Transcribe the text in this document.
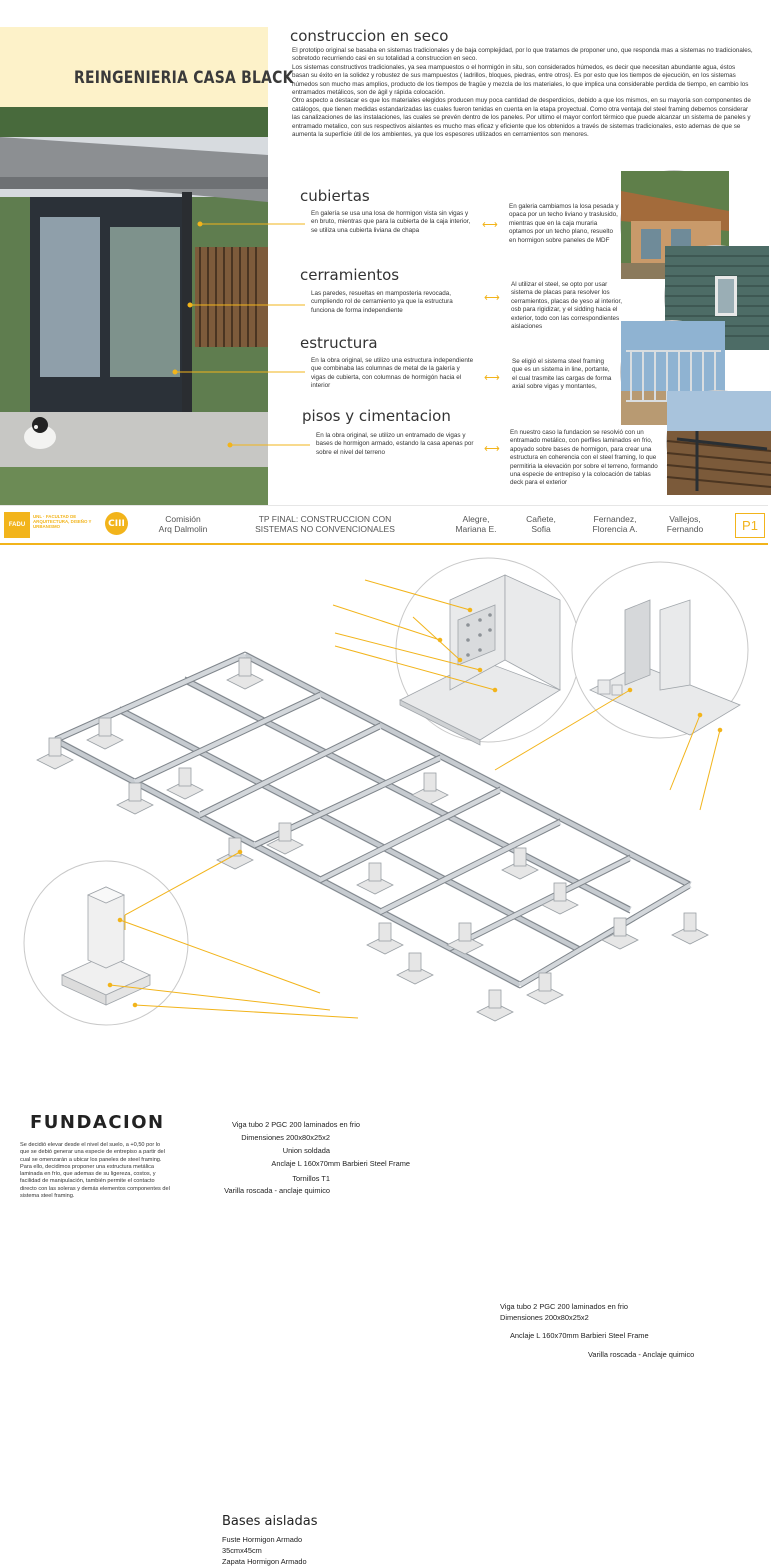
REINGENIERIA CASA BLACK
construccion en seco

El prototipo original se basaba en sistemas tradicionales y de baja complejidad, por lo que tratamos de proponer uno, que responda mas a sistemas no tradicionales, sobretodo recurriendo casi en su totalidad a construccion en seco.

Los sistemas constructivos tradicionales, ya sea mampuestos o el hormigón in situ, son considerados húmedos, es decir que necesitan abundante agua, éstos basan su éxito en la solidez y robustez de sus mampuestos ( ladrillos, bloques, piedras, entre otros). Es por esto que los tiempos de ejecución, en los sistemas húmedos son mucho mas amplios, producto de los tiempos de fragüe y mezcla de los materiales, lo que implica una considerable perdida de tiempo, en cambio los entramados metálicos, son de ágil y rápida colocación.

Otro aspecto a destacar es que los materiales elegidos producen muy poca cantidad de desperdicios, debido a que los mismos, en su mayoría son componentes de catálogos, que tienen medidas estandarizadas las cuales fueron tenidas en cuenta en la etapa proyectual. Como otra ventaja del steel framing debemos considerar las canalizaciones de las instalaciones, las cuales se prevén dentro de los paneles. Por ultimo el mayor confort térmico que puede alcanzar un sistema de paneles y entramado metalico, con sus respectivos aislantes es mucho mas eficaz y eficiente que los obtenidos a través de sistemas tradicionales, esto ademas de que se aumenta la superficie útil de los ambientes, ya que los espesores utilizados en cerramientos son menores.

cubiertas
En galería se usa una losa de hormigon vista sin vigas y en bruto, mientras que para la cubierta de la caja interior, se utiliza una cubierta liviana de chapa	⟷
En galeria cambiamos la losa pesada y opaca por un techo liviano y traslusido, mientras que en la caja muraria optamos por un techo plano, resuelto en hormigon sobre paneles de MDF
cerramientos
Las paredes, resueltas en mamposteria revocada, cumpliendo rol de cerramiento ya que la estructura funciona de forma independiente
⟷
Al utilizar el steel, se opto por usar sistema de placas para resolver los cerramientos, placas de yeso al interior, osb para rigidizar, y el sidding hacia el exterior, todo con las correspondientes aislaciones
estructura
En la obra original, se utilizo una estructura independiente que combinaba las columnas de metal de la galería y vigas de cubierta, con columnas de hormigón hacia el interior
⟷
Se eligió el sistema steel framing que es un sistema in line, portante, el cual trasmite las cargas de forma axial sobre vigas y montantes,
pisos y cimentacion
En la obra original, se utilizo un entramado de vigas y bases de hormigon armado, estando la casa apenas por sobre el nivel del terreno	⟷
En nuestro caso la fundacion se resolvió con un entramado metálico, con perfiles laminados en frio, apoyado sobre bases de hormigon, para crear una estructura en coherencia con el steel framing, lo que permitiria la elevación por sobre el terreno, formando una especie de entrepiso y la colocación de tablas deck para el exterior
FADU
UNL · FACULTAD DE ARQUITECTURA, DISEÑO Y URBANISMO	CIII	Comisión
Arq Dalmolin
TP FINAL: CONSTRUCCION CON
SISTEMAS NO CONVENCIONALES
Alegre,
Mariana E.
Cañete,
Sofia
Fernandez,
Florencia A.
Vallejos,
Fernando	P1
FUNDACION
Se decidió elevar desde el nivel del suelo, a +0,50 por lo que se debió generar una especie de entrepiso a partir del cual se omenzarán a ubicar los paneles de steel framing. Para ello, decidimos proponer una estructura metálica laminada en frío, que ademas de su ligereza, costos, y facilidad de manipulación, también permite el contacto directo con las soleras y demás elementos componentes del sistema steel framing.
Viga tubo 2 PGC 200 laminados en frio
Dimensiones 200x80x25x2
Union soldada
Anclaje L 160x70mm Barbieri Steel Frame
Tornillos T1
Varilla roscada - anclaje quimico
Viga tubo 2 PGC 200 laminados en frio
Dimensiones 200x80x25x2
Anclaje L 160x70mm Barbieri Steel Frame
Varilla roscada - Anclaje quimico
Bases aisladas
Fuste Hormigon Armado
35cmx45cm
Zapata Hormigon Armado
